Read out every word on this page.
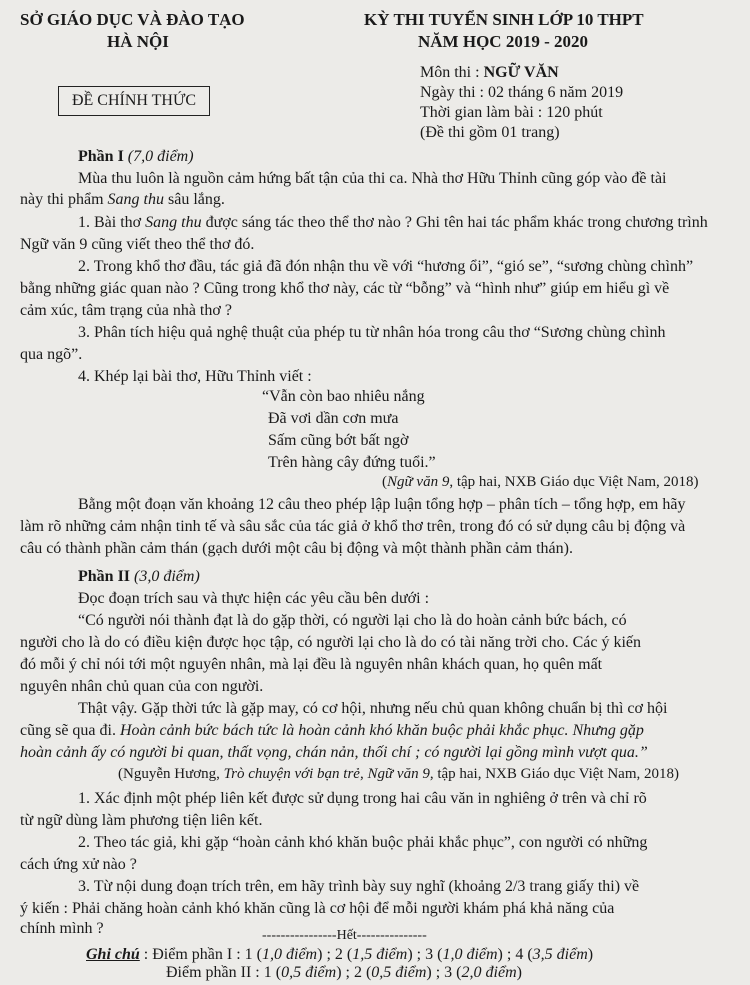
SỞ GIÁO DỤC VÀ ĐÀO TẠO
HÀ NỘI
KỲ THI TUYỂN SINH LỚP 10 THPT
NĂM HỌC 2019 - 2020
ĐỀ CHÍNH THỨC
Môn thi : NGỮ VĂN
Ngày thi : 02 tháng 6 năm 2019
Thời gian làm bài : 120 phút
(Đề thi gồm 01 trang)
Phần I (7,0 điểm)
Mùa thu luôn là nguồn cảm hứng bất tận của thi ca. Nhà thơ Hữu Thỉnh cũng góp vào đề tài
này thi phẩm Sang thu sâu lắng.
1. Bài thơ Sang thu được sáng tác theo thể thơ nào ? Ghi tên hai tác phẩm khác trong chương trình
Ngữ văn 9 cũng viết theo thể thơ đó.
2. Trong khổ thơ đầu, tác giả đã đón nhận thu về với “hương ổi”, “gió se”, “sương chùng chình”
bằng những giác quan nào ? Cũng trong khổ thơ này, các từ “bỗng” và “hình như” giúp em hiểu gì về
cảm xúc, tâm trạng của nhà thơ ?
3. Phân tích hiệu quả nghệ thuật của phép tu từ nhân hóa trong câu thơ “Sương chùng chình
qua ngõ”.
4. Khép lại bài thơ, Hữu Thỉnh viết :
“Vẫn còn bao nhiêu nắng
Đã vơi dần cơn mưa
Sấm cũng bớt bất ngờ
Trên hàng cây đứng tuổi.”
(Ngữ văn 9, tập hai, NXB Giáo dục Việt Nam, 2018)
Bằng một đoạn văn khoảng 12 câu theo phép lập luận tổng hợp – phân tích – tổng hợp, em hãy
làm rõ những cảm nhận tinh tế và sâu sắc của tác giả ở khổ thơ trên, trong đó có sử dụng câu bị động và
câu có thành phần cảm thán (gạch dưới một câu bị động và một thành phần cảm thán).
Phần II (3,0 điểm)
Đọc đoạn trích sau và thực hiện các yêu cầu bên dưới :
“Có người nói thành đạt là do gặp thời, có người lại cho là do hoàn cảnh bức bách, có
người cho là do có điều kiện được học tập, có người lại cho là do có tài năng trời cho. Các ý kiến
đó mỗi ý chỉ nói tới một nguyên nhân, mà lại đều là nguyên nhân khách quan, họ quên mất
nguyên nhân chủ quan của con người.
Thật vậy. Gặp thời tức là gặp may, có cơ hội, nhưng nếu chủ quan không chuẩn bị thì cơ hội
cũng sẽ qua đi. Hoàn cảnh bức bách tức là hoàn cảnh khó khăn buộc phải khắc phục. Nhưng gặp
hoàn cảnh ấy có người bi quan, thất vọng, chán nản, thối chí ; có người lại gồng mình vượt qua.”
(Nguyễn Hương, Trò chuyện với bạn trẻ, Ngữ văn 9, tập hai, NXB Giáo dục Việt Nam, 2018)
1. Xác định một phép liên kết được sử dụng trong hai câu văn in nghiêng ở trên và chỉ rõ
từ ngữ dùng làm phương tiện liên kết.
2. Theo tác giả, khi gặp “hoàn cảnh khó khăn buộc phải khắc phục”, con người có những
cách ứng xử nào ?
3. Từ nội dung đoạn trích trên, em hãy trình bày suy nghĩ (khoảng 2/3 trang giấy thi) về
ý kiến : Phải chăng hoàn cảnh khó khăn cũng là cơ hội để mỗi người khám phá khả năng của
chính mình ?	----------------Hết---------------
Ghi chú : Điểm phần I : 1 (1,0 điểm) ; 2 (1,5 điểm) ; 3 (1,0 điểm) ; 4 (3,5 điểm)
Điểm phần II : 1 (0,5 điểm) ; 2 (0,5 điểm) ; 3 (2,0 điểm)
